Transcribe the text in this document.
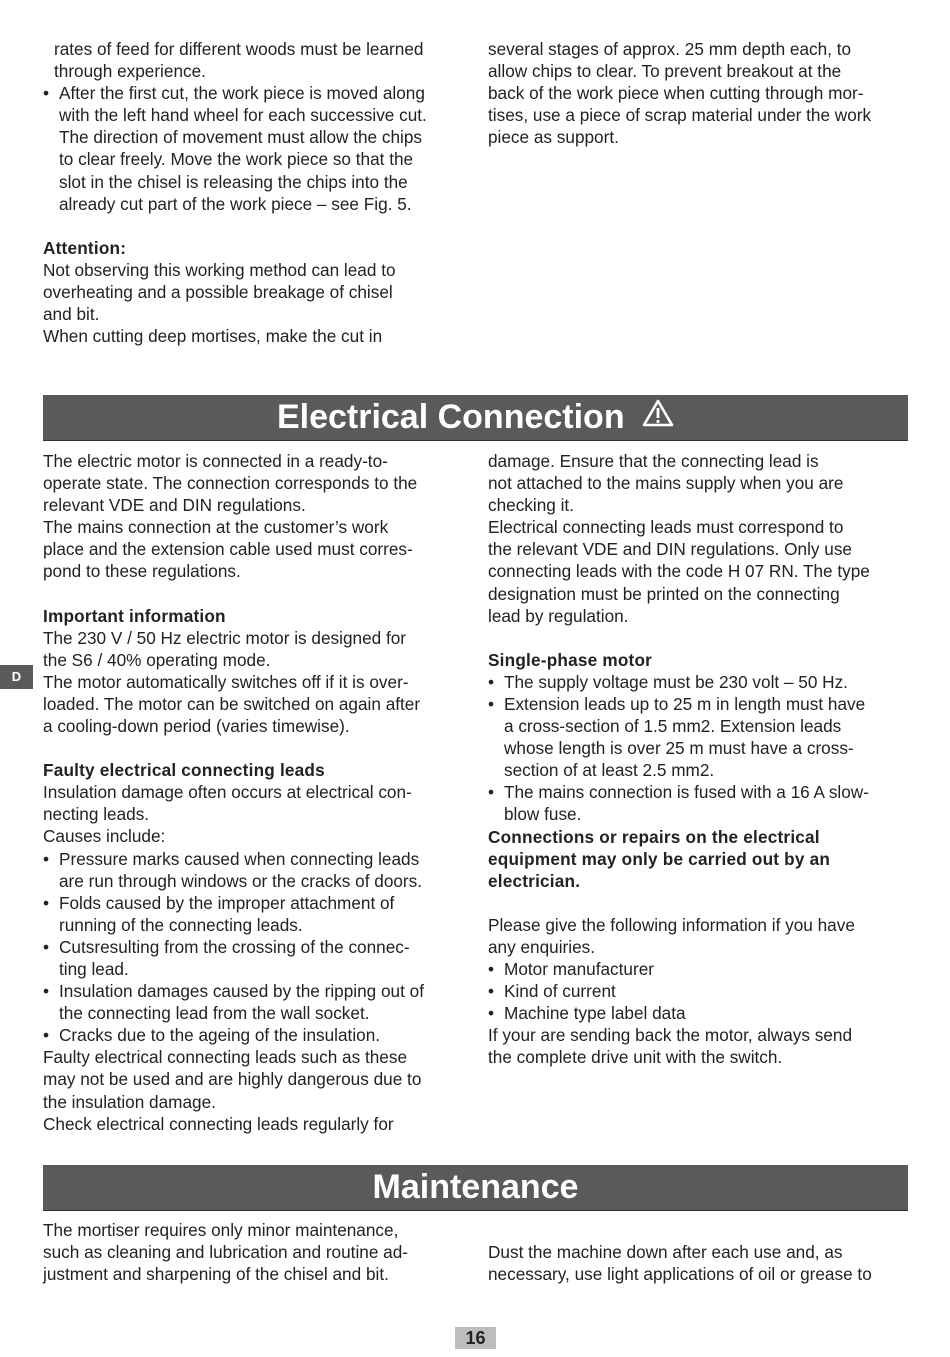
rates of feed for different woods must be learned

through experience.

• After the first cut, the work piece is moved along

with the left hand wheel for each successive cut.

The direction of movement must allow the chips

to clear freely. Move the work piece so that the

slot in the chisel is releasing the chips into the

already cut part of the work piece – see Fig. 5.

Attention:

Not observing this working method can lead to

overheating and a possible breakage of chisel

and bit.

When cutting deep mortises, make the cut in

several stages of approx. 25 mm depth each, to

allow chips to clear. To prevent breakout at the

back of the work piece when cutting through mor-

tises, use a piece of scrap material under the work

piece as support.

Electrical Connection

The electric motor is connected in a ready-to-

operate state. The connection corresponds to the

relevant VDE and DIN regulations.

The mains connection at the customer’s work

place and the extension cable used must corres-

pond to these regulations.

Important information

The 230 V / 50 Hz electric motor is designed for

the S6 / 40% operating mode.

The motor automatically switches off if it is over-

loaded. The motor can be switched on again after

a cooling-down period (varies timewise).

Faulty electrical connecting leads

Insulation damage often occurs at electrical con-

necting leads.

Causes include:

• Pressure marks caused when connecting leads

are run through windows or the cracks of doors.

• Folds caused by the improper attachment of

running of the connecting leads.

• Cutsresulting from the crossing of the connec-

ting lead.

• Insulation damages caused by the ripping out of

the connecting lead from the wall socket.

• Cracks due to the ageing of the insulation.

Faulty electrical connecting leads such as these

may not be used and are highly dangerous due to

the insulation damage.

Check electrical connecting leads regularly for

damage. Ensure that the connecting lead is

not attached to the mains supply when you are

checking it.

Electrical connecting leads must correspond to

the relevant VDE and DIN regulations. Only use

connecting leads with the code H 07 RN. The type

designation must be printed on the connecting

lead by regulation.

Single-phase motor

• The supply voltage must be 230 volt – 50 Hz.

• Extension leads up to 25 m in length must have

a cross-section of 1.5 mm2. Extension leads

whose length is over 25 m must have a cross-

section of at least 2.5 mm2.

• The mains connection is fused with a 16 A slow-

blow fuse.

Connections or repairs on the electrical

equipment may only be carried out by an

electrician.

Please give the following information if you have

any enquiries.

• Motor manufacturer
• Kind of current
• Machine type label data

If your are sending back the motor, always send

the complete drive unit with the switch.

D
Maintenance

The mortiser requires only minor maintenance,

such as cleaning and lubrication and routine ad-

justment and sharpening of the chisel and bit.

Dust the machine down after each use and, as

necessary, use light applications of oil or grease to

16
